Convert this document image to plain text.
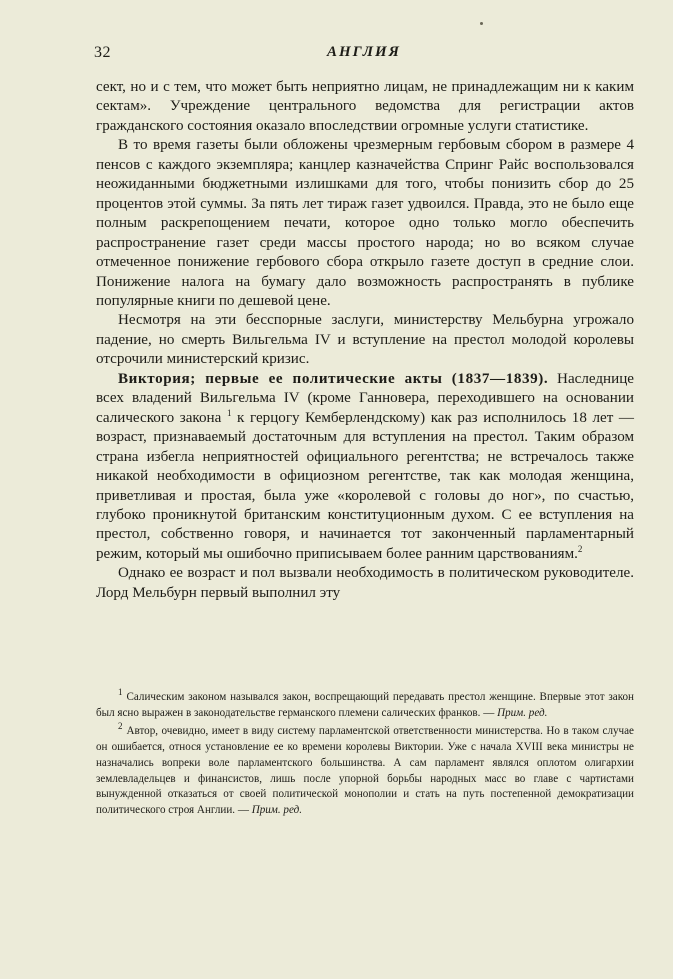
32	АНГЛИЯ

сект, но и с тем, что может быть неприятно лицам, не принадлежащим ни к каким сектам». Учреждение центрального ведомства для регистрации актов гражданского состояния оказало впоследствии огромные услуги статистике.

В то время газеты были обложены чрезмерным гербовым сбором в размере 4 пенсов с каждого экземпляра; канцлер казначейства Спринг Райс воспользовался неожиданными бюджетными излишками для того, чтобы понизить сбор до 25 процентов этой суммы. За пять лет тираж газет удвоился. Правда, это не было еще полным раскрепощением печати, которое одно только могло обеспечить распространение газет среди массы простого народа; но во всяком случае отмеченное понижение гербового сбора открыло газете доступ в средние слои. Понижение налога на бумагу дало возможность распространять в публике популярные книги по дешевой цене.

Несмотря на эти бесспорные заслуги, министерству Мельбурна угрожало падение, но смерть Вильгельма IV и вступление на престол молодой королевы отсрочили министерский кризис.

Виктория; первые ее политические акты (1837—1839). Наследнице всех владений Вильгельма IV (кроме Ганновера, переходившего на основании салического закона $^1$ к герцогу Кемберлендскому) как раз исполнилось 18 лет — возраст, признаваемый достаточным для вступления на престол. Таким образом страна избегла неприятностей официального регентства; не встречалось также никакой необходимости в официозном регентстве, так как молодая женщина, приветливая и простая, была уже «королевой с головы до ног», по счастью, глубоко проникнутой британским конституционным духом. С ее вступления на престол, собственно говоря, и начинается тот законченный парламентарный режим, который мы ошибочно приписываем более ранним царствованиям.$^2$

Однако ее возраст и пол вызвали необходимость в политическом руководителе. Лорд Мельбурн первый выполнил эту

$^1$ Салическим законом назывался закон, воспрещающий передавать престол женщине. Впервые этот закон был ясно выражен в законодательстве германского племени салических франков. — Прим. ред.

$^2$ Автор, очевидно, имеет в виду систему парламентской ответственности министерства. Но в таком случае он ошибается, относя установление ее ко времени королевы Виктории. Уже с начала XVIII века министры не назначались вопреки воле парламентского большинства. А сам парламент являлся оплотом олигархии землевладельцев и финансистов, лишь после упорной борьбы народных масс во главе с чартистами вынужденной отказаться от своей политической монополии и стать на путь постепенной демократизации политического строя Англии. — Прим. ред.
